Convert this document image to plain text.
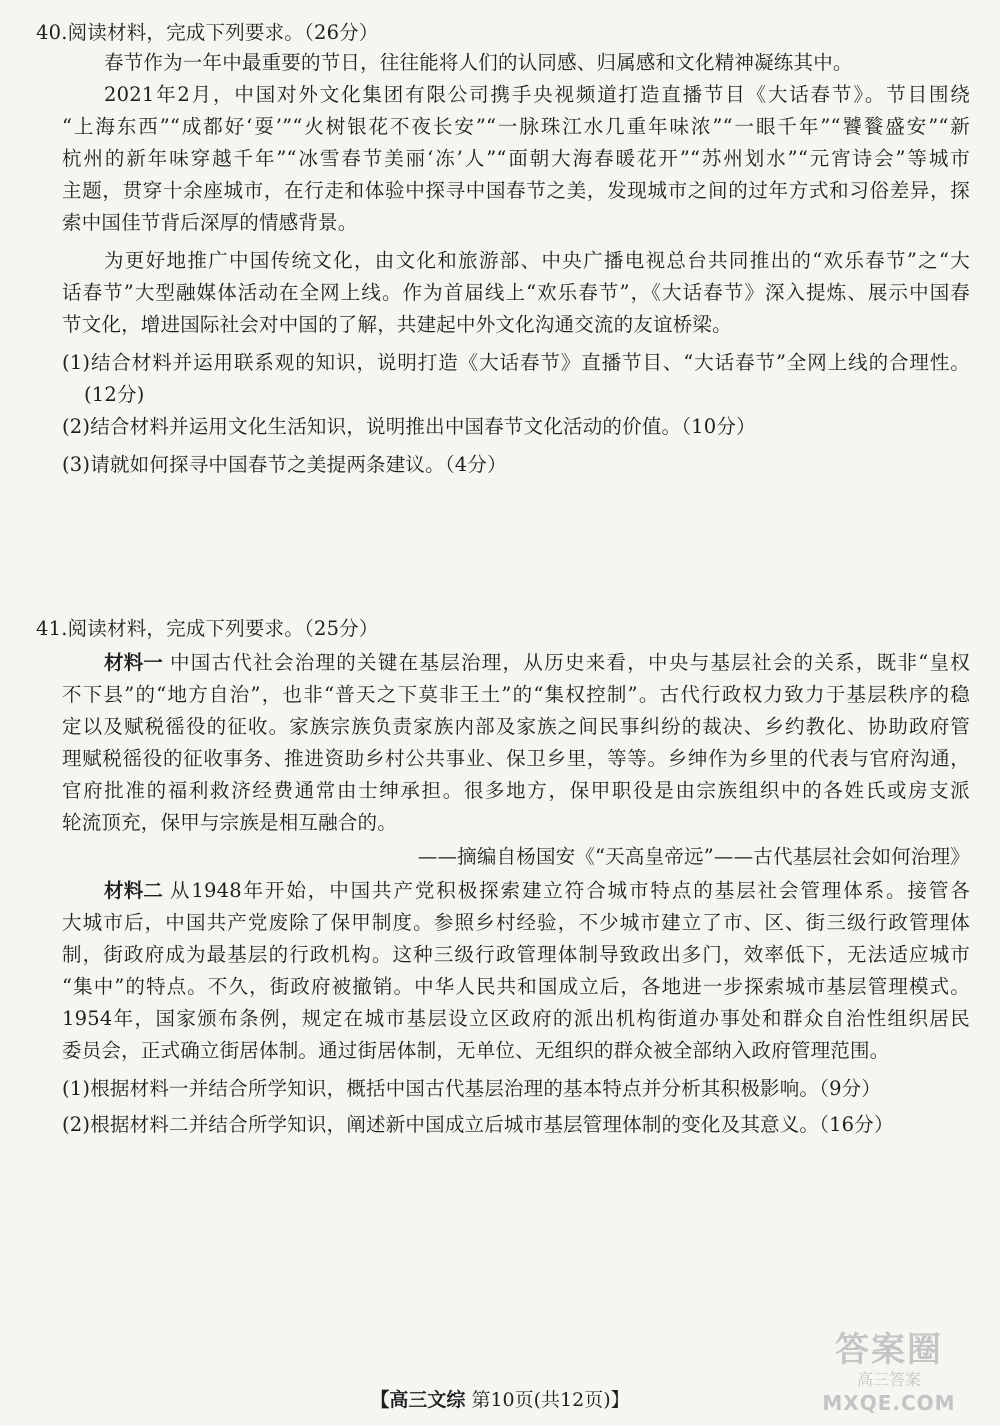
40.阅读材料，完成下列要求。（26分）
春节作为一年中最重要的节日，往往能将人们的认同感、归属感和文化精神凝练其中。
2021年2月，中国对外文化集团有限公司携手央视频道打造直播节目《大话春节》。节目围绕
“上海东西”“成都好‘耍’”“火树银花不夜长安”“一脉珠江水几重年味浓”“一眼千年”“饕餮盛安”“新
杭州的新年味穿越千年”“冰雪春节美丽‘冻’人”“面朝大海春暖花开”“苏州划水”“元宵诗会”等城市
主题，贯穿十余座城市，在行走和体验中探寻中国春节之美，发现城市之间的过年方式和习俗差异，探
索中国佳节背后深厚的情感背景。
为更好地推广中国传统文化，由文化和旅游部、中央广播电视总台共同推出的“欢乐春节”之“大
话春节”大型融媒体活动在全网上线。作为首届线上“欢乐春节”，《大话春节》深入提炼、展示中国春
节文化，增进国际社会对中国的了解，共建起中外文化沟通交流的友谊桥梁。
(1)结合材料并运用联系观的知识，说明打造《大话春节》直播节目、“大话春节”全网上线的合理性。
(12分)
(2)结合材料并运用文化生活知识，说明推出中国春节文化活动的价值。（10分）
(3)请就如何探寻中国春节之美提两条建议。（4分）
41.阅读材料，完成下列要求。（25分）
材料一 中国古代社会治理的关键在基层治理，从历史来看，中央与基层社会的关系，既非“皇权
不下县”的“地方自治”，也非“普天之下莫非王土”的“集权控制”。古代行政权力致力于基层秩序的稳
定以及赋税徭役的征收。家族宗族负责家族内部及家族之间民事纠纷的裁决、乡约教化、协助政府管
理赋税徭役的征收事务、推进资助乡村公共事业、保卫乡里，等等。乡绅作为乡里的代表与官府沟通，
官府批准的福利救济经费通常由士绅承担。很多地方，保甲职役是由宗族组织中的各姓氏或房支派
轮流顶充，保甲与宗族是相互融合的。
——摘编自杨国安《“天高皇帝远”——古代基层社会如何治理》
材料二 从1948年开始，中国共产党积极探索建立符合城市特点的基层社会管理体系。接管各
大城市后，中国共产党废除了保甲制度。参照乡村经验，不少城市建立了市、区、街三级行政管理体
制，街政府成为最基层的行政机构。这种三级行政管理体制导致政出多门，效率低下，无法适应城市
“集中”的特点。不久，街政府被撤销。中华人民共和国成立后，各地进一步探索城市基层管理模式。
1954年，国家颁布条例，规定在城市基层设立区政府的派出机构街道办事处和群众自治性组织居民
委员会，正式确立街居体制。通过街居体制，无单位、无组织的群众被全部纳入政府管理范围。
(1)根据材料一并结合所学知识，概括中国古代基层治理的基本特点并分析其积极影响。（9分）
(2)根据材料二并结合所学知识，阐述新中国成立后城市基层管理体制的变化及其意义。（16分）
【高三文综 第10页(共12页)】
答案圈
高三答案
MXQE.COM
